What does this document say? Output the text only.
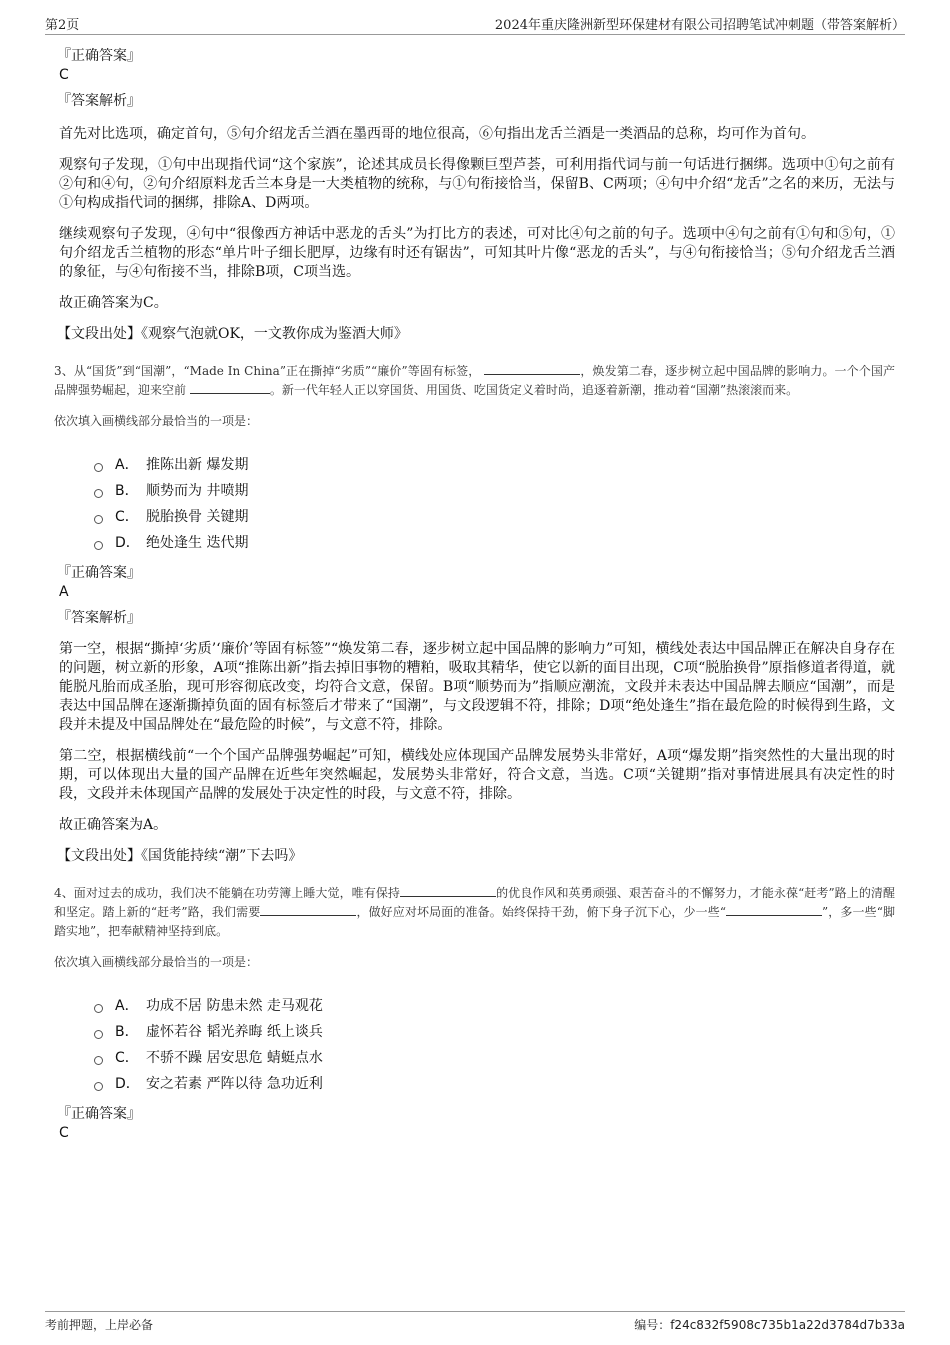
第2页	2024年重庆隆洲新型环保建材有限公司招聘笔试冲刺题（带答案解析）
『正确答案』
C
『答案解析』

首先对比选项，确定首句，⑤句介绍龙舌兰酒在墨西哥的地位很高，⑥句指出龙舌兰酒是一类酒品的总称，均可作为首句。

观察句子发现，①句中出现指代词“这个家族”，论述其成员长得像颗巨型芦荟，可利用指代词与前一句话进行捆绑。选项中①句之前有②句和④句，②句介绍原料龙舌兰本身是一大类植物的统称，与①句衔接恰当，保留B、C两项；④句中介绍“龙舌”之名的来历，无法与①句构成指代词的捆绑，排除A、D两项。

继续观察句子发现，④句中“很像西方神话中恶龙的舌头”为打比方的表述，可对比④句之前的句子。选项中④句之前有①句和⑤句，①句介绍龙舌兰植物的形态“单片叶子细长肥厚，边缘有时还有锯齿”，可知其叶片像“恶龙的舌头”，与④句衔接恰当；⑤句介绍龙舌兰酒的象征，与④句衔接不当，排除B项，C项当选。

故正确答案为C。

【文段出处】《观察气泡就OK，一文教你成为鉴酒大师》

3、从“国货”到“国潮”，“Made In China”正在撕掉“劣质”“廉价”等固有标签，	，焕发第二春，逐步树立起中国品牌的影响力。一个个国产品牌强势崛起，迎来空前	。新一代年轻人正以穿国货、用国货、吃国货定义着时尚，追逐着新潮，推动着“国潮”热滚滚而来。

依次填入画横线部分最恰当的一项是：

A． 推陈出新 爆发期
B． 顺势而为 井喷期
C． 脱胎换骨 关键期
D． 绝处逢生 迭代期
『正确答案』
A
『答案解析』

第一空，根据“撕掉‘劣质’‘廉价’等固有标签”“焕发第二春，逐步树立起中国品牌的影响力”可知，横线处表达中国品牌正在解决自身存在的问题，树立新的形象，A项“推陈出新”指去掉旧事物的糟粕，吸取其精华，使它以新的面目出现，C项“脱胎换骨”原指修道者得道，就能脱凡胎而成圣胎，现可形容彻底改变，均符合文意，保留。B项“顺势而为”指顺应潮流，文段并未表达中国品牌去顺应“国潮”，而是表达中国品牌在逐渐撕掉负面的固有标签后才带来了“国潮”，与文段逻辑不符，排除；D项“绝处逢生”指在最危险的时候得到生路，文段并未提及中国品牌处在“最危险的时候”，与文意不符，排除。

第二空，根据横线前“一个个国产品牌强势崛起”可知，横线处应体现国产品牌发展势头非常好，A项“爆发期”指突然性的大量出现的时期，可以体现出大量的国产品牌在近些年突然崛起，发展势头非常好，符合文意，当选。C项“关键期”指对事情进展具有决定性的时段，文段并未体现国产品牌的发展处于决定性的时段，与文意不符，排除。

故正确答案为A。

【文段出处】《国货能持续“潮”下去吗》

4、面对过去的成功，我们决不能躺在功劳簿上睡大觉，唯有保持	的优良作风和英勇顽强、艰苦奋斗的不懈努力，才能永葆“赶考”路上的清醒和坚定。踏上新的“赶考”路，我们需要	，做好应对坏局面的准备。始终保持干劲，俯下身子沉下心，少一些“	”，多一些“脚踏实地”，把奉献精神坚持到底。

依次填入画横线部分最恰当的一项是：

A． 功成不居 防患未然 走马观花
B． 虚怀若谷 韬光养晦 纸上谈兵
C． 不骄不躁 居安思危 蜻蜓点水
D． 安之若素 严阵以待 急功近利
『正确答案』
C
考前押题，上岸必备	编号：f24c832f5908c735b1a22d3784d7b33a
